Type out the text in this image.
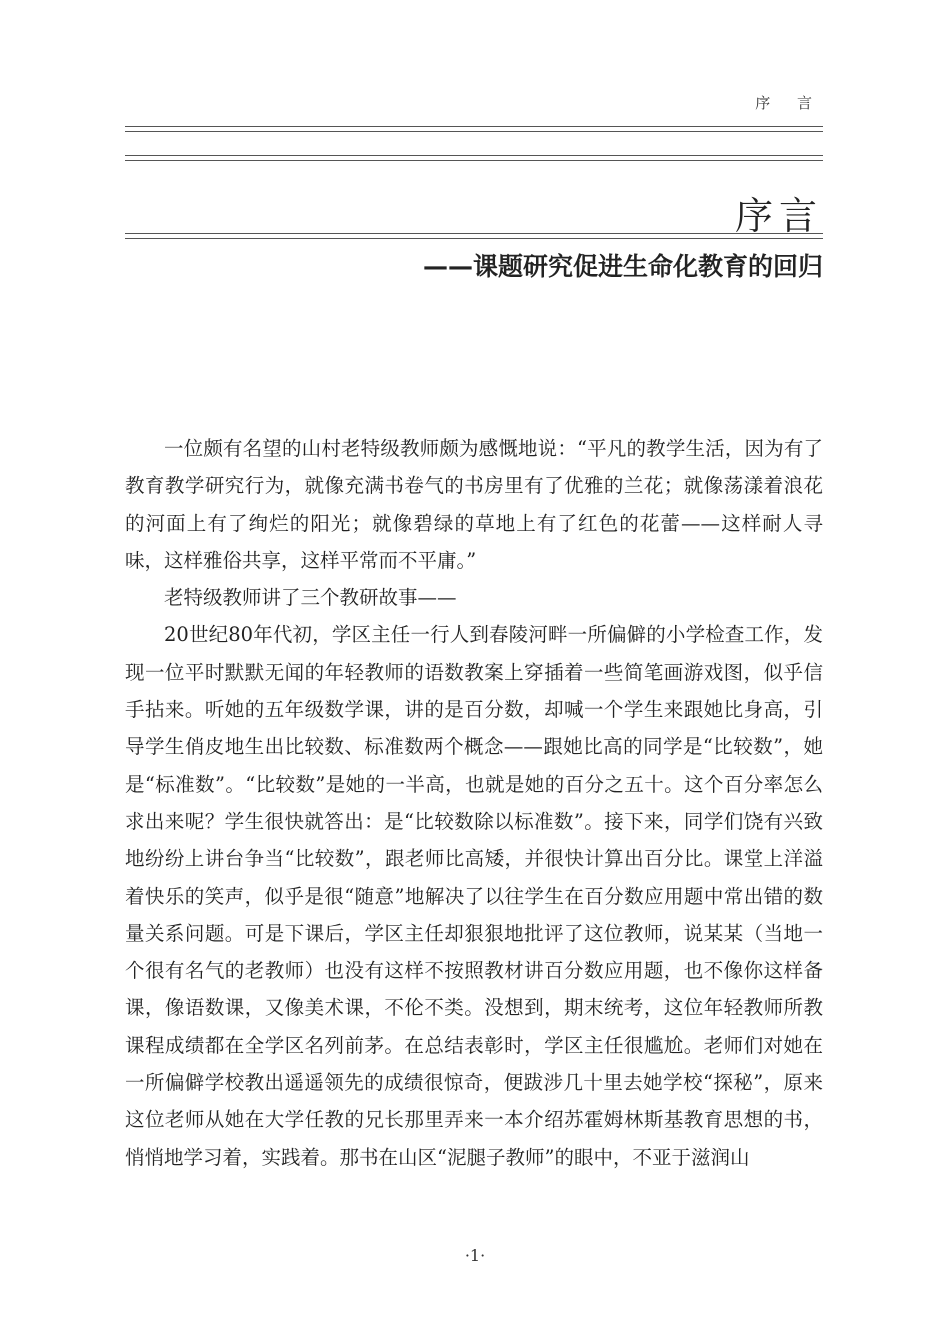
序 言
序言
——课题研究促进生命化教育的回归

一位颇有名望的山村老特级教师颇为感慨地说：“平凡的教学生活，因为有了教育教学研究行为，就像充满书卷气的书房里有了优雅的兰花；就像荡漾着浪花的河面上有了绚烂的阳光；就像碧绿的草地上有了红色的花蕾——这样耐人寻味，这样雅俗共享，这样平常而不平庸。”

老特级教师讲了三个教研故事——

20世纪80年代初，学区主任一行人到春陵河畔一所偏僻的小学检查工作，发现一位平时默默无闻的年轻教师的语数教案上穿插着一些简笔画游戏图，似乎信手拈来。听她的五年级数学课，讲的是百分数，却喊一个学生来跟她比身高，引导学生俏皮地生出比较数、标准数两个概念——跟她比高的同学是“比较数”，她是“标准数”。“比较数”是她的一半高，也就是她的百分之五十。这个百分率怎么求出来呢？学生很快就答出：是“比较数除以标准数”。接下来，同学们饶有兴致地纷纷上讲台争当“比较数”，跟老师比高矮，并很快计算出百分比。课堂上洋溢着快乐的笑声，似乎是很“随意”地解决了以往学生在百分数应用题中常出错的数量关系问题。可是下课后，学区主任却狠狠地批评了这位教师，说某某（当地一个很有名气的老教师）也没有这样不按照教材讲百分数应用题，也不像你这样备课，像语数课，又像美术课，不伦不类。没想到，期末统考，这位年轻教师所教课程成绩都在全学区名列前茅。在总结表彰时，学区主任很尴尬。老师们对她在一所偏僻学校教出遥遥领先的成绩很惊奇，便跋涉几十里去她学校“探秘”，原来这位老师从她在大学任教的兄长那里弄来一本介绍苏霍姆林斯基教育思想的书，悄悄地学习着，实践着。那书在山区“泥腿子教师”的眼中，不亚于滋润山

·1·
